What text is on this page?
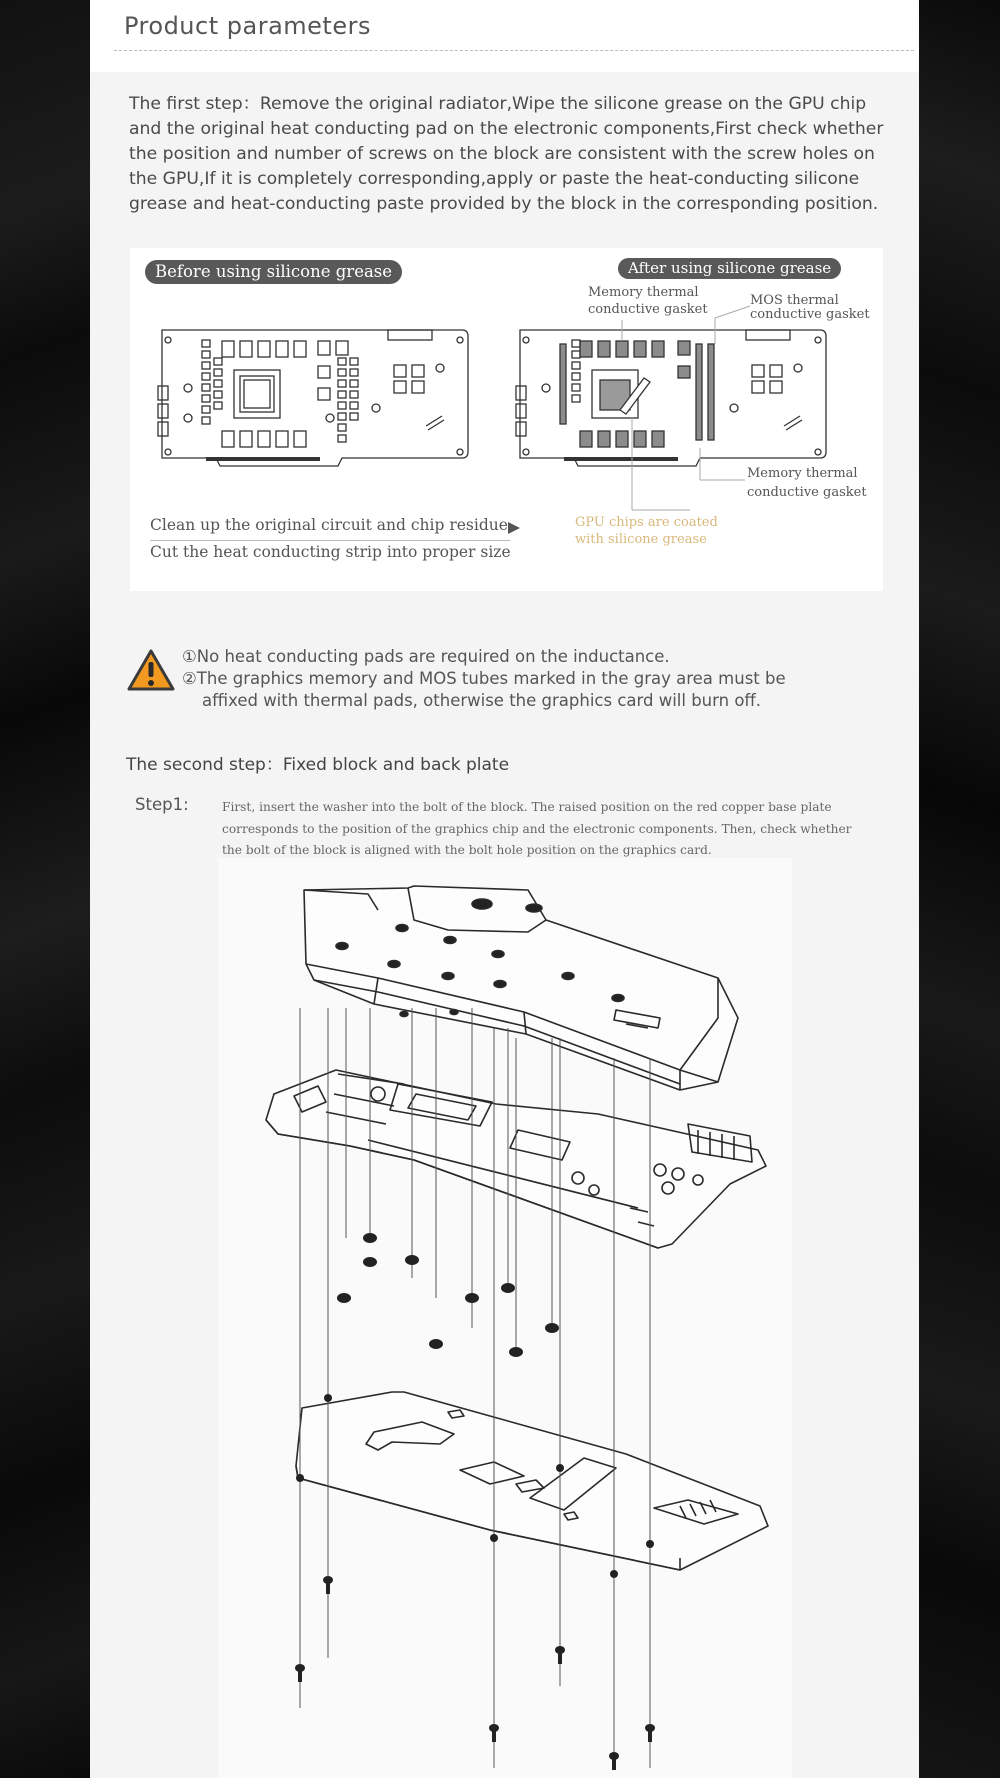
Product parameters
The first step：Remove the original radiator,Wipe the silicone grease on the GPU chip and the original heat conducting pad on the electronic components,First check whether the position and number of screws on the block are consistent with the screw holes on the GPU,If it is completely corresponding,apply or paste the heat-conducting silicone grease and heat-conducting paste provided by the block in the corresponding position.
Before using silicone grease	After using silicone grease
Memory thermal
conductive gasket
MOS thermal
conductive gasket
Memory thermal
conductive gasket
GPU chips are coated
with silicone grease
Clean up the original circuit and chip residue
Cut the heat conducting strip into proper size
①No heat conducting pads are required on the inductance.
②The graphics memory and MOS tubes marked in the gray area must be
affixed with thermal pads, otherwise the graphics card will burn off.
The second step：Fixed block and back plate
Step1:	First, insert the washer into the bolt of the block. The raised position on the red copper base plate corresponds to the position of the graphics chip and the electronic components. Then, check whether the bolt of the block is aligned with the bolt hole position on the graphics card.
